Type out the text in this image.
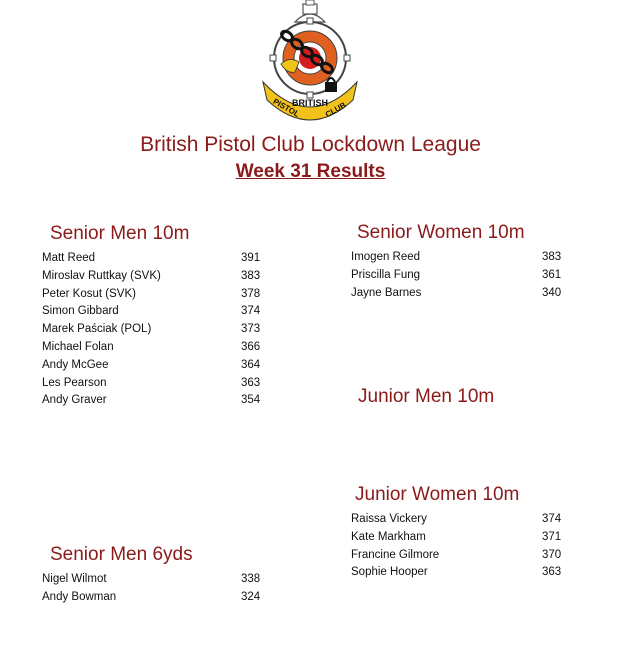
BRITISH
PISTOL	CLUB
British Pistol Club Lockdown League
Week 31 Results
Senior Men 10m
Matt Reed	391
Miroslav Ruttkay (SVK)	383
Peter Kosut (SVK)	378
Simon Gibbard	374
Marek Paściak (POL)	373
Michael Folan	366
Andy McGee	364
Les Pearson	363
Andy Graver	354
Senior Women 10m
Imogen Reed	383
Priscilla Fung	361
Jayne Barnes	340
Junior Men 10m
Junior Women 10m
Raissa Vickery	374
Kate Markham	371
Francine Gilmore	370
Sophie Hooper	363
Senior Men 6yds
Nigel Wilmot	338
Andy Bowman	324
